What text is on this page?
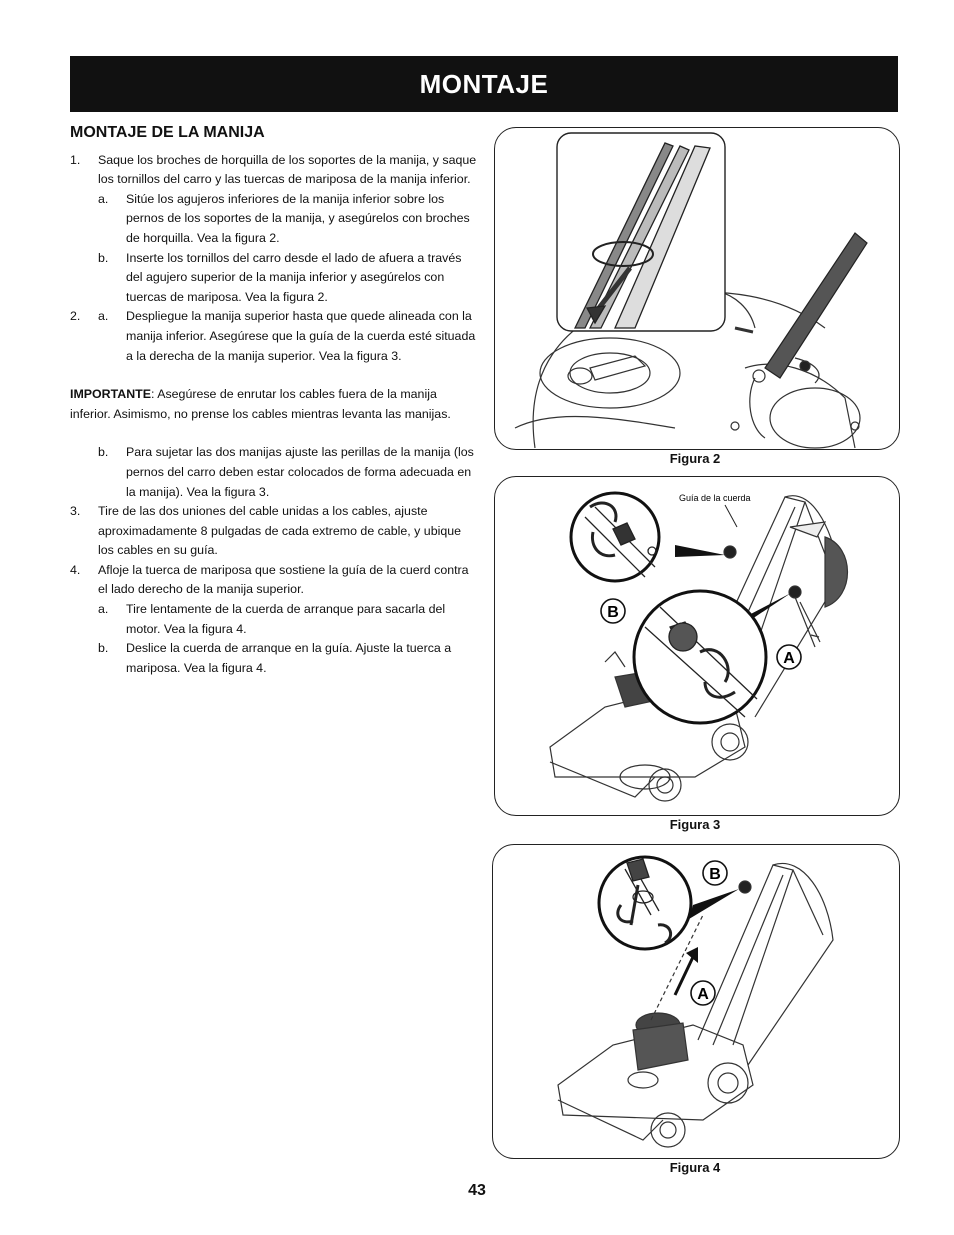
MONTAJE
MONTAJE DE LA MANIJA
1.	Saque los broches de horquilla de los soportes de la manija, y saque los tornillos del carro y las tuercas de mariposa de la manija inferior.
a.	Sitúe los agujeros inferiores de la manija inferior sobre los pernos de los soportes de la manija, y asegúrelos con broches de horquilla. Vea la figura 2.
b.	Inserte los tornillos del carro desde el lado de afuera a través del agujero superior de la manija inferior y asegúrelos con tuercas de mariposa. Vea la figura 2.
2.	a.	Despliegue la manija superior hasta que quede alineada con la manija inferior. Asegúrese que la guía de la cuerda esté situada a la derecha de la manija superior. Vea la figura 3.
IMPORTANTE: Asegúrese de enrutar los cables fuera de la manija inferior. Asimismo, no prense los cables mientras levanta las manijas.
b.	Para sujetar las dos manijas ajuste las perillas de la manija (los pernos del carro deben estar colocados de forma adecuada en la manija). Vea la figura 3.
3.	Tire de las dos uniones del cable unidas a los cables, ajuste aproximadamente 8 pulgadas de cada extremo de cable, y ubique los cables en su guía.
4.	Afloje la tuerca de mariposa que sostiene la guía de la cuerd contra el lado derecho de la manija superior.
a.	Tire lentamente de la cuerda de arranque para sacarla del motor. Vea la figura 4.
b.	Deslice la cuerda de arranque en la guía. Ajuste la tuerca a mariposa. Vea la figura 4.
Figura 2
B
A
Guía de la cuerda
Figura 3
B
A
Figura 4
43
